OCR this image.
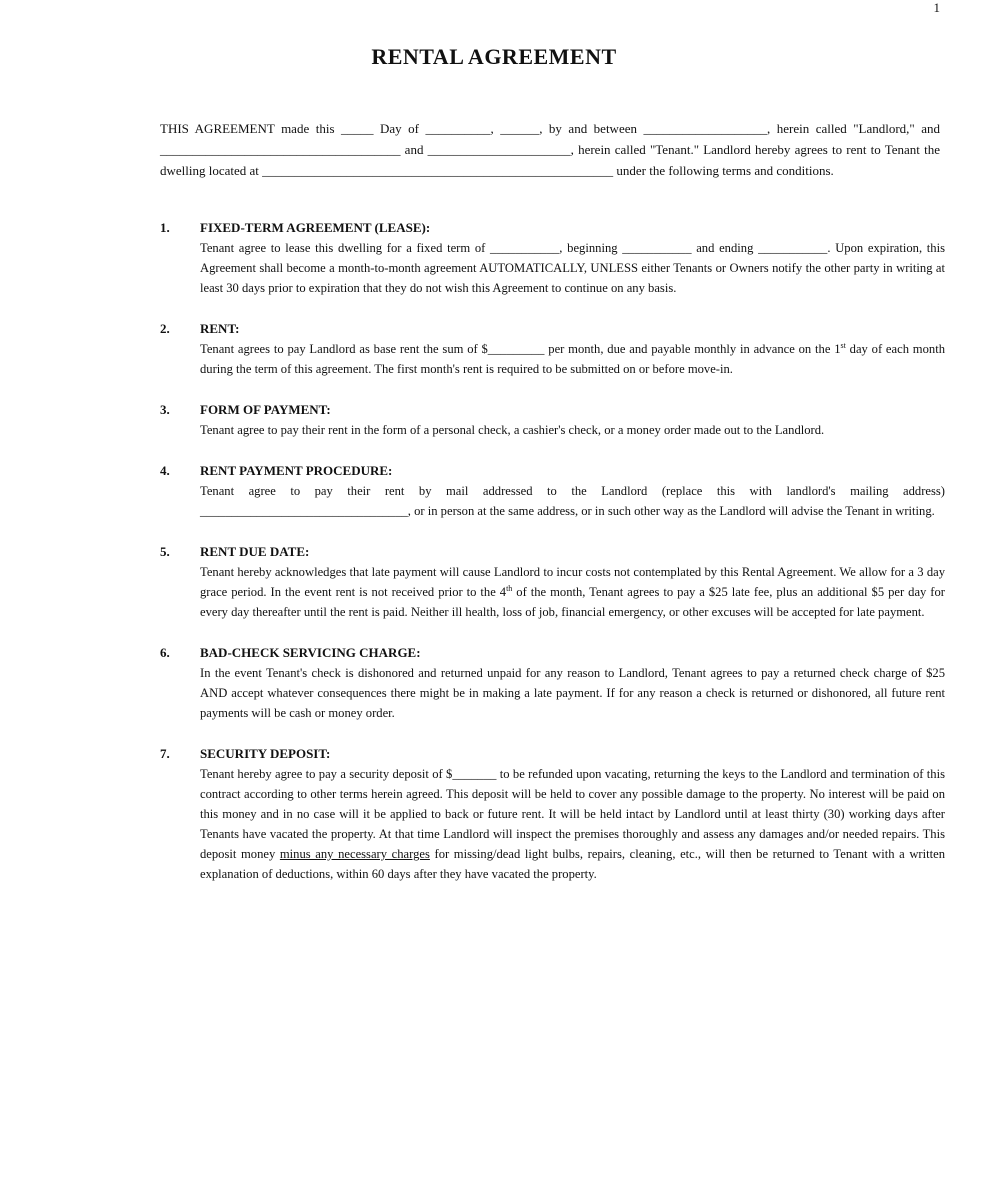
1
RENTAL AGREEMENT
THIS AGREEMENT made this _____ Day of __________, ______, by and between ___________________, herein called "Landlord," and _____________________________________ and ______________________, herein called "Tenant." Landlord hereby agrees to rent to Tenant the dwelling located at ______________________________________________________ under the following terms and conditions.
1.	FIXED-TERM AGREEMENT (LEASE):
Tenant agree to lease this dwelling for a fixed term of ___________, beginning ___________ and ending ___________. Upon expiration, this Agreement shall become a month-to-month agreement AUTOMATICALLY, UNLESS either Tenants or Owners notify the other party in writing at least 30 days prior to expiration that they do not wish this Agreement to continue on any basis.
2.	RENT:
Tenant agrees to pay Landlord as base rent the sum of $_________ per month, due and payable monthly in advance on the 1st day of each month during the term of this agreement. The first month's rent is required to be submitted on or before move-in.
3.	FORM OF PAYMENT:
Tenant agree to pay their rent in the form of a personal check, a cashier's check, or a money order made out to the Landlord.
4.	RENT PAYMENT PROCEDURE:
Tenant agree to pay their rent by mail addressed to the Landlord (replace this with landlord's mailing address) _________________________________, or in person at the same address, or in such other way as the Landlord will advise the Tenant in writing.
5.	RENT DUE DATE:
Tenant hereby acknowledges that late payment will cause Landlord to incur costs not contemplated by this Rental Agreement. We allow for a 3 day grace period. In the event rent is not received prior to the 4th of the month, Tenant agrees to pay a $25 late fee, plus an additional $5 per day for every day thereafter until the rent is paid. Neither ill health, loss of job, financial emergency, or other excuses will be accepted for late payment.
6.	BAD-CHECK SERVICING CHARGE:
In the event Tenant's check is dishonored and returned unpaid for any reason to Landlord, Tenant agrees to pay a returned check charge of $25 AND accept whatever consequences there might be in making a late payment. If for any reason a check is returned or dishonored, all future rent payments will be cash or money order.
7.	SECURITY DEPOSIT:
Tenant hereby agree to pay a security deposit of $_______ to be refunded upon vacating, returning the keys to the Landlord and termination of this contract according to other terms herein agreed. This deposit will be held to cover any possible damage to the property. No interest will be paid on this money and in no case will it be applied to back or future rent. It will be held intact by Landlord until at least thirty (30) working days after Tenants have vacated the property. At that time Landlord will inspect the premises thoroughly and assess any damages and/or needed repairs. This deposit money minus any necessary charges for missing/dead light bulbs, repairs, cleaning, etc., will then be returned to Tenant with a written explanation of deductions, within 60 days after they have vacated the property.
